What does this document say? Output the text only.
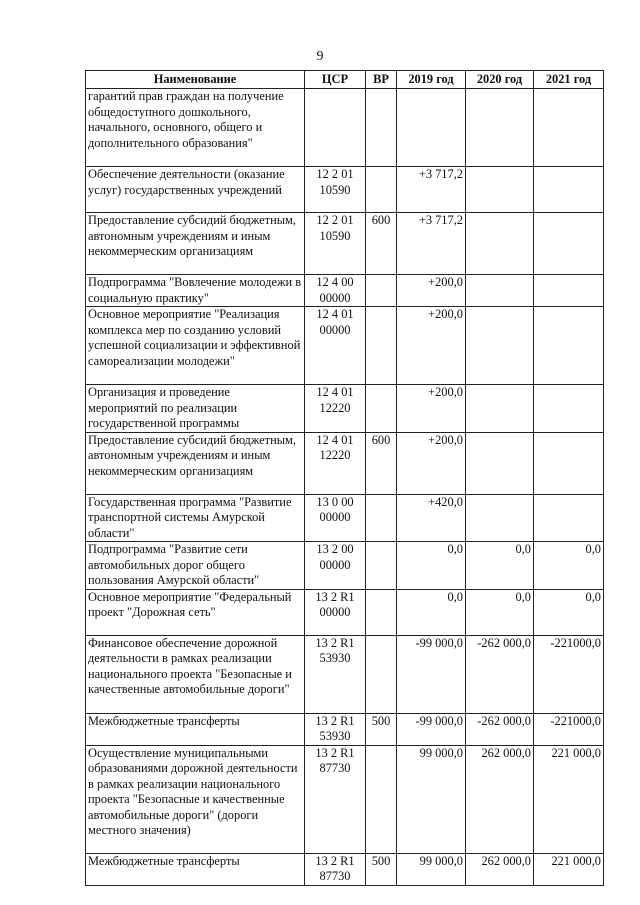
9
Наименование	ЦСР	ВР	2019 год	2020 год	2021 год
гарантий прав граждан на получение общедоступного дошкольного, начального, основного, общего и дополнительного образования"					
Обеспечение деятельности (оказание услуг) государственных учреждений	12 2 01 10590		+3 717,2		
Предоставление субсидий бюджетным, автономным учреждениям и иным некоммерческим организациям	12 2 01 10590	600	+3 717,2		
Подпрограмма "Вовлечение молодежи в социальную практику"	12 4 00 00000		+200,0		
Основное мероприятие "Реализация комплекса мер по созданию условий успешной социализации и эффективной самореализации молодежи"	12 4 01 00000		+200,0		
Организация и проведение мероприятий по реализации государственной программы	12 4 01 12220		+200,0		
Предоставление субсидий бюджетным, автономным учреждениям и иным некоммерческим организациям	12 4 01 12220	600	+200,0		
Государственная программа "Развитие транспортной системы Амурской области"	13 0 00 00000		+420,0		
Подпрограмма "Развитие сети автомобильных дорог общего пользования Амурской области"	13 2 00 00000		0,0	0,0	0,0
Основное мероприятие "Федеральный проект "Дорожная сеть"	13 2 R1 00000		0,0	0,0	0,0
Финансовое обеспечение дорожной деятельности в рамках реализации национального проекта "Безопасные и качественные автомобильные дороги"	13 2 R1 53930		-99 000,0	-262 000,0	-221000,0
Межбюджетные трансферты	13 2 R1 53930	500	-99 000,0	-262 000,0	-221000,0
Осуществление муниципальными образованиями дорожной деятельности в рамках реализации национального проекта "Безопасные и качественные автомобильные дороги" (дороги местного значения)	13 2 R1 87730		99 000,0	262 000,0	221 000,0
Межбюджетные трансферты	13 2 R1 87730	500	99 000,0	262 000,0	221 000,0
